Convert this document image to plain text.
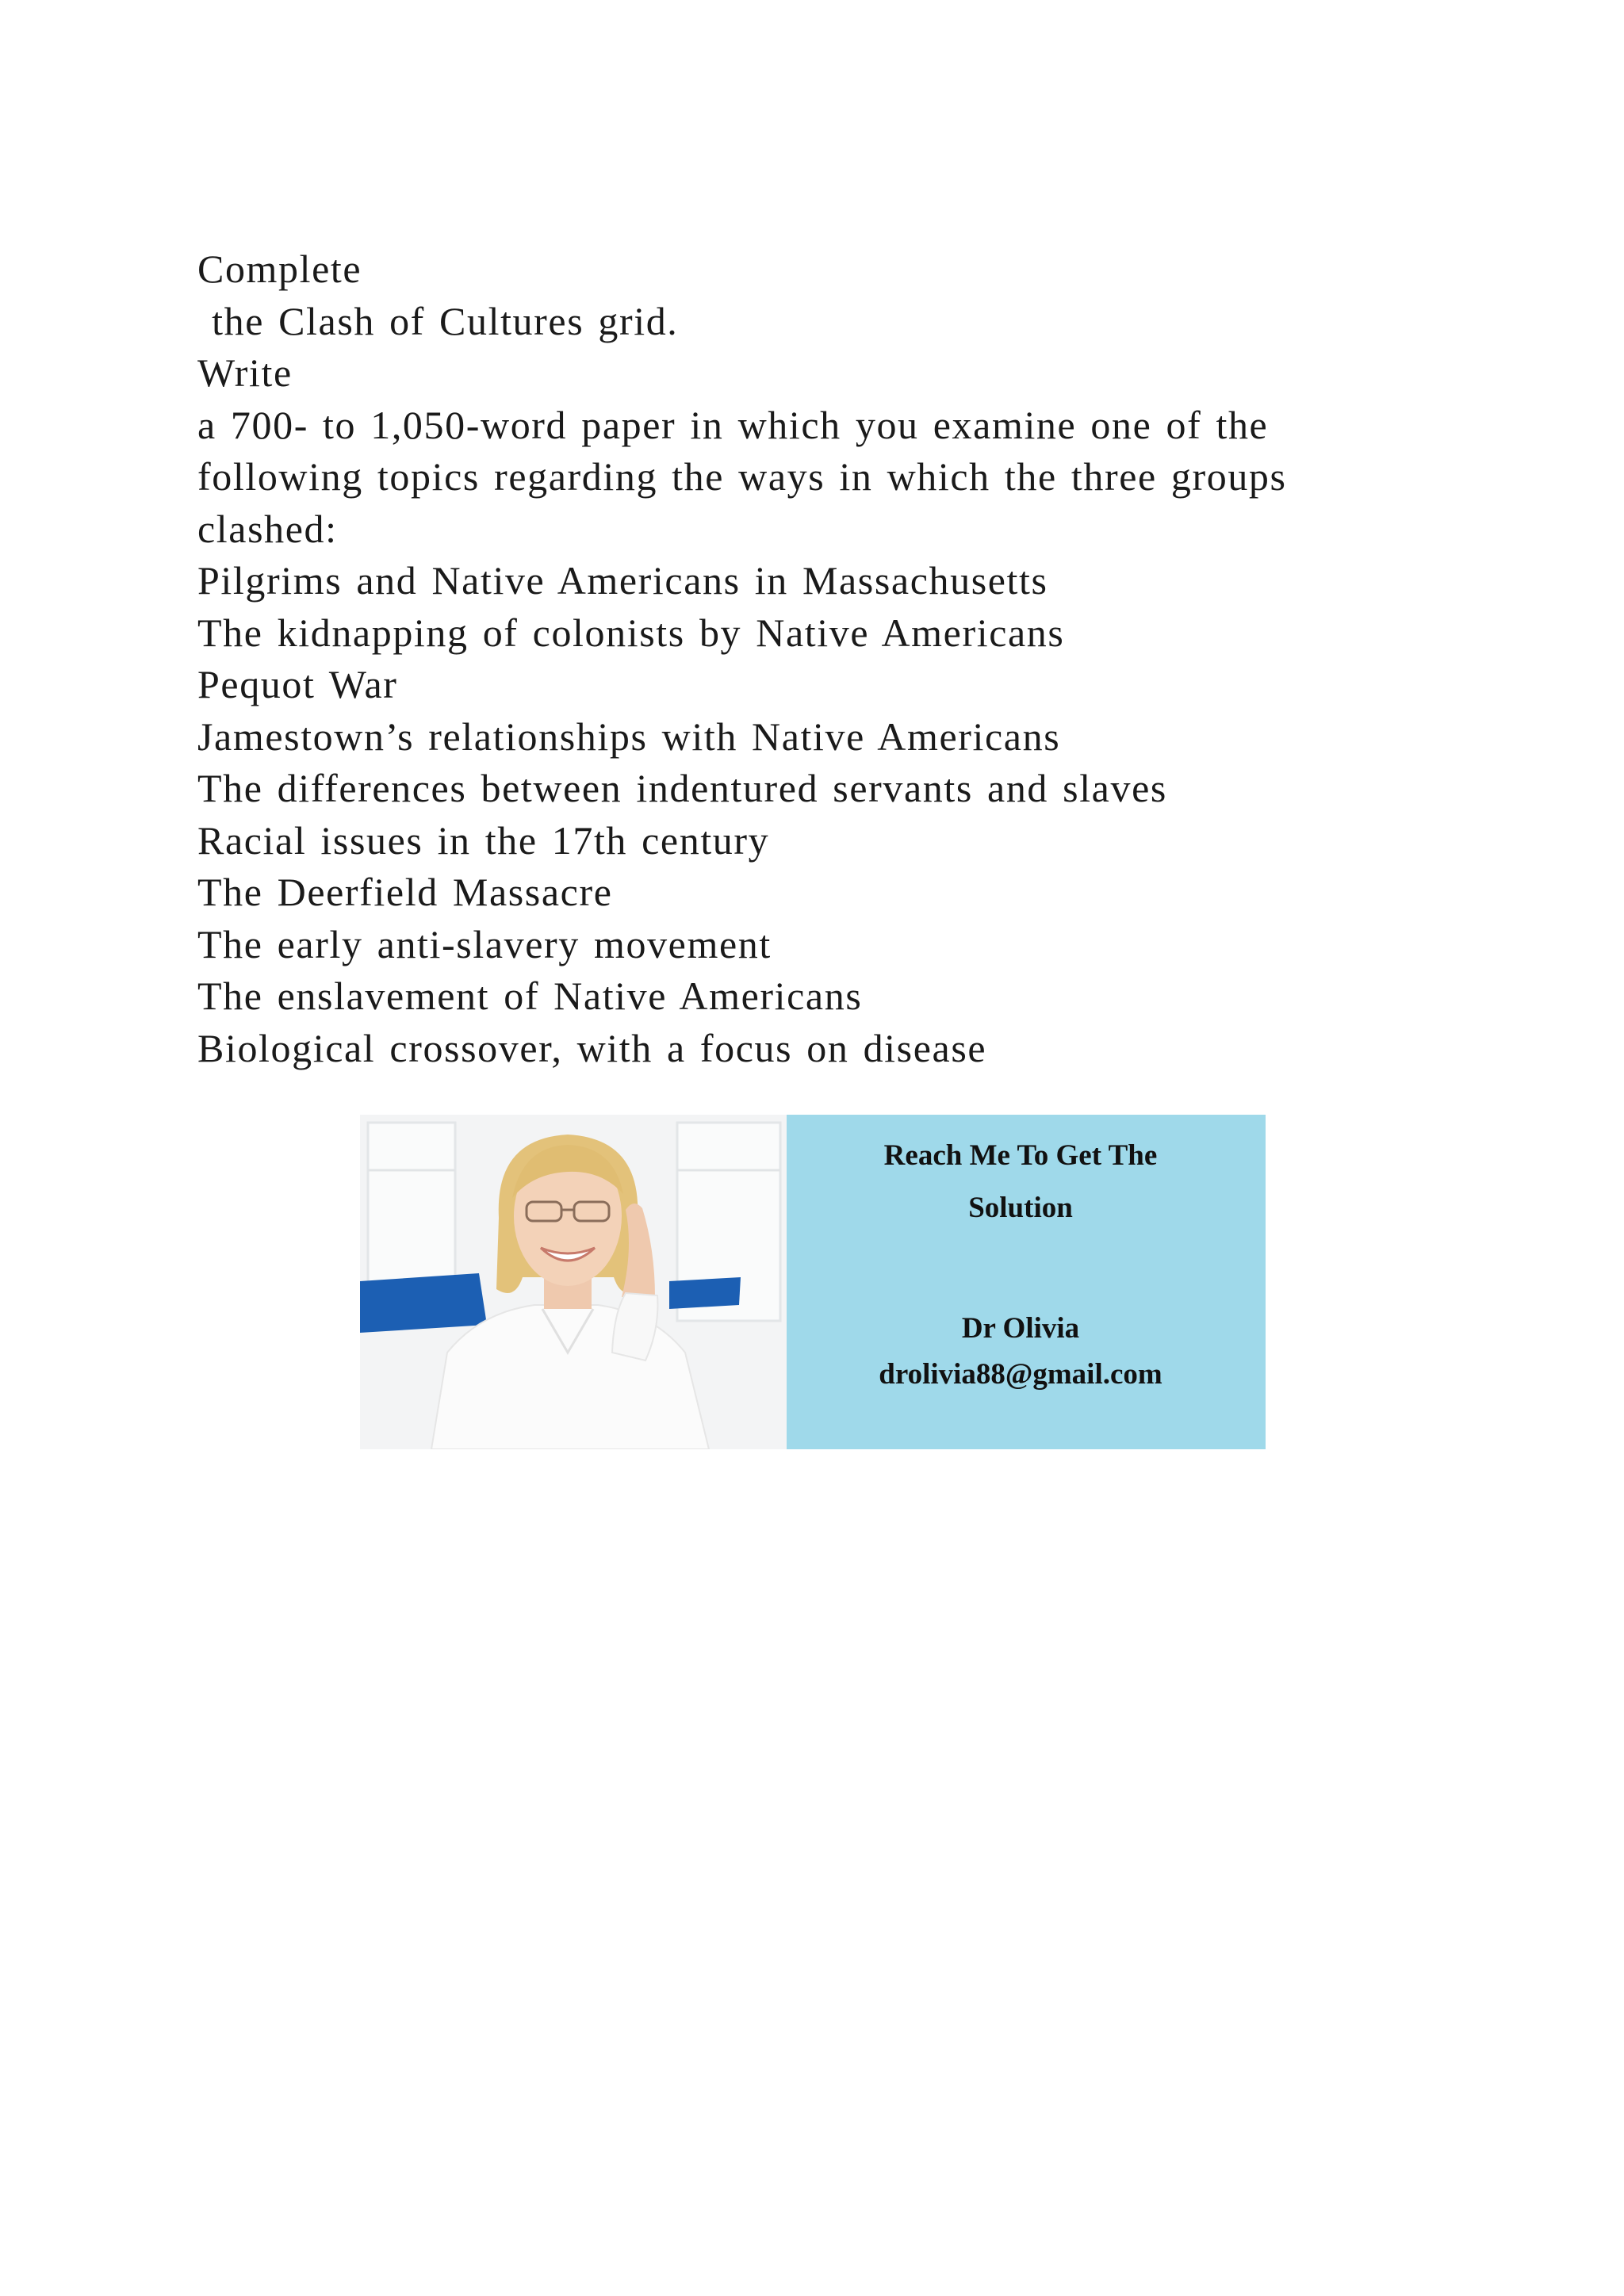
Complete
the Clash of Cultures grid.
Write
a 700- to 1,050-word paper in which you examine one of the
following topics regarding the ways in which the three groups
clashed:
Pilgrims and Native Americans in Massachusetts
The kidnapping of colonists by Native Americans
Pequot War
Jamestown’s relationships with Native Americans
The differences between indentured servants and slaves
Racial issues in the 17th century
The Deerfield Massacre
The early anti-slavery movement
The enslavement of Native Americans
Biological crossover, with a focus on disease
Reach Me To Get The
Solution
Dr Olivia
drolivia88@gmail.com
